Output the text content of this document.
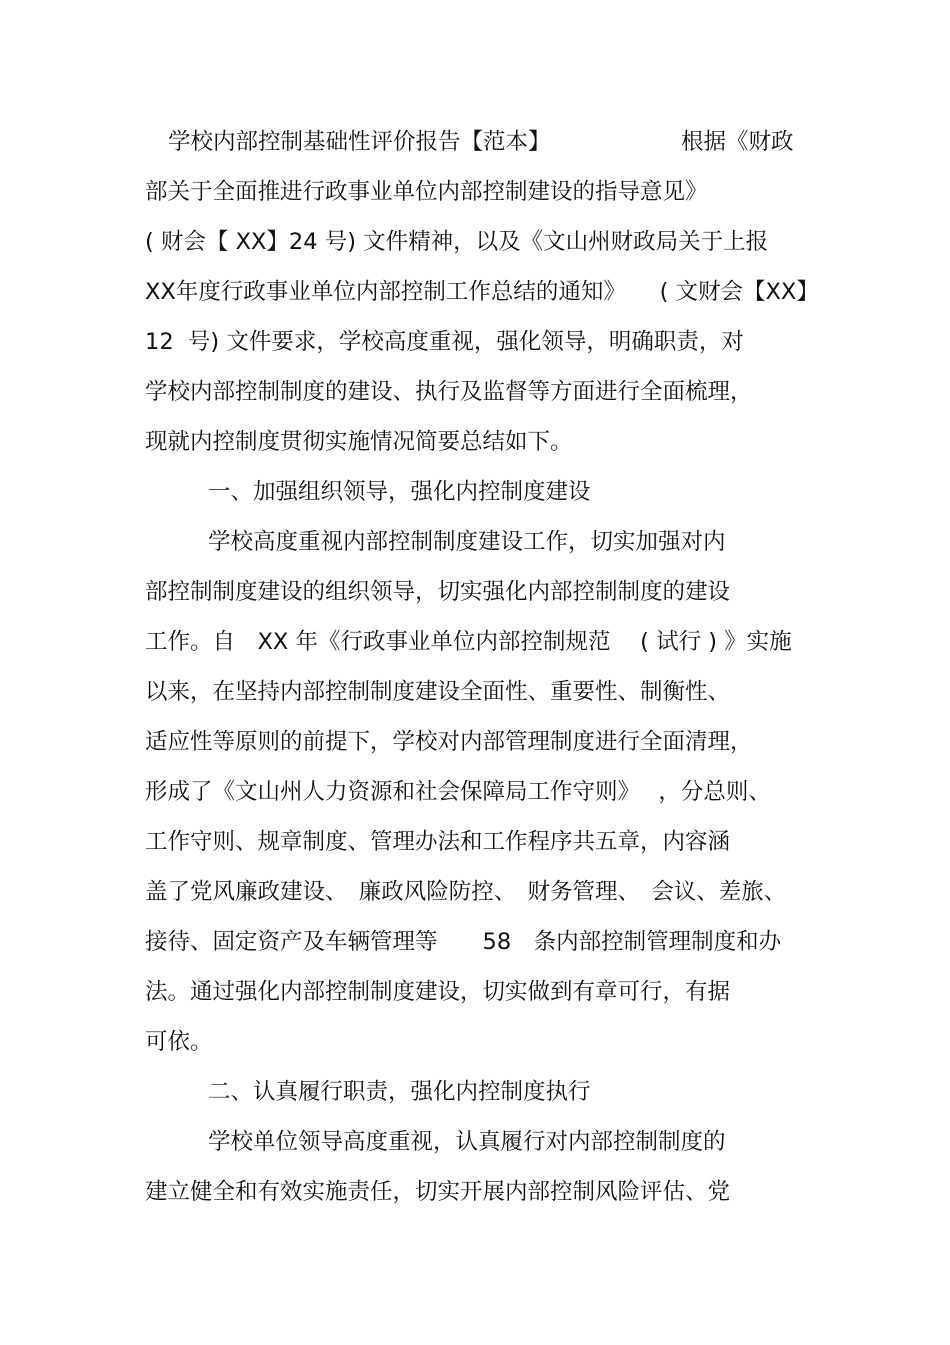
学校内部控制基础性评价报告【范本】	根据《财政
部关于全面推进行政事业单位内部控制建设的指导意见》
( 财会【 XX】24 号) 文件精神，以及《文山州财政局关于上报
XX年度行政事业单位内部控制工作总结的通知》　　( 文财会【XX】
12  号) 文件要求，学校高度重视，强化领导，明确职责，对
学校内部控制制度的建设、执行及监督等方面进行全面梳理，
现就内控制度贯彻实施情况简要总结如下。
一、加强组织领导，强化内控制度建设
学校高度重视内部控制制度建设工作，切实加强对内
部控制制度建设的组织领导，切实强化内部控制制度的建设
工作。自　XX 年《行政事业单位内部控制规范　 ( 试行 ) 》实施
以来，在坚持内部控制制度建设全面性、重要性、制衡性、
适应性等原则的前提下，学校对内部管理制度进行全面清理，
形成了《文山州人力资源和社会保障局工作守则》　 ，分总则、
工作守则、规章制度、管理办法和工作程序共五章，内容涵
盖了党风廉政建设、　廉政风险防控、　财务管理、　会议、差旅、
接待、固定资产及车辆管理等　　58　条内部控制管理制度和办
法。通过强化内部控制制度建设，切实做到有章可行，有据
可依。
二、认真履行职责，强化内控制度执行
学校单位领导高度重视，认真履行对内部控制制度的
建立健全和有效实施责任，切实开展内部控制风险评估、党
